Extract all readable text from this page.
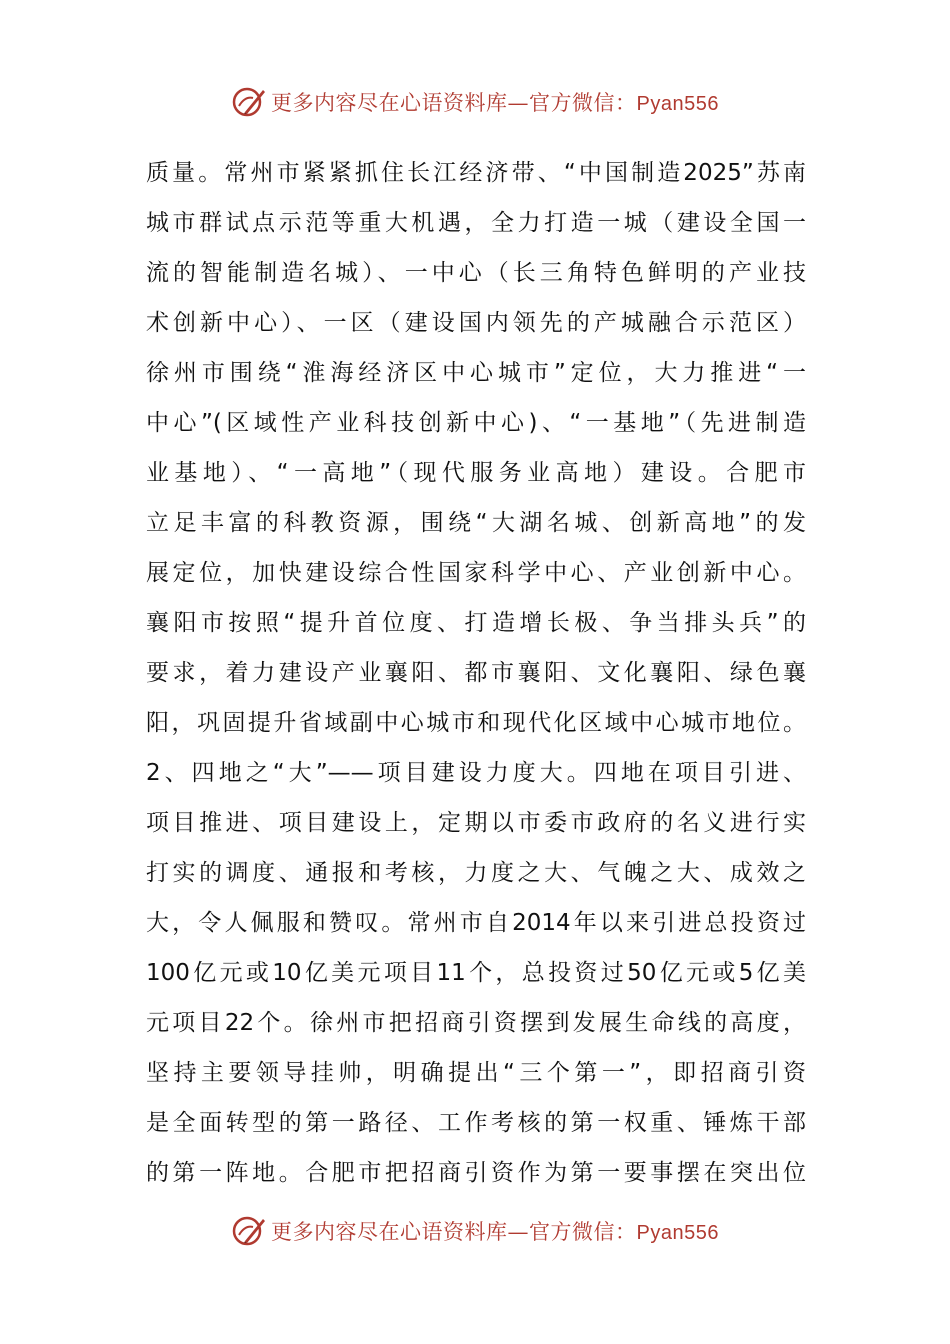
更多内容尽在心语资料库—官方微信：Pyan556
质量。常州市紧紧抓住长江经济带、“中国制造2025”苏南
城市群试点示范等重大机遇，全力打造一城（建设全国一
流的智能制造名城）、一中心（长三角特色鲜明的产业技
术创新中心）、一区（建设国内领先的产城融合示范区）
徐州市围绕“淮海经济区中心城市”定位，大力推进“一
中心”(区域性产业科技创新中心)、“一基地”（先进制造
业基地）、“一高地”（现代服务业高地）建设。合肥市
立足丰富的科教资源，围绕“大湖名城、创新高地”的发
展定位，加快建设综合性国家科学中心、产业创新中心。
襄阳市按照“提升首位度、打造增长极、争当排头兵”的
要求，着力建设产业襄阳、都市襄阳、文化襄阳、绿色襄
阳，巩固提升省域副中心城市和现代化区域中心城市地位。
2、四地之“大”——项目建设力度大。四地在项目引进、
项目推进、项目建设上，定期以市委市政府的名义进行实
打实的调度、通报和考核，力度之大、气魄之大、成效之
大，令人佩服和赞叹。常州市自2014年以来引进总投资过
100亿元或10亿美元项目11个，总投资过50亿元或5亿美
元项目22个。徐州市把招商引资摆到发展生命线的高度，
坚持主要领导挂帅，明确提出“三个第一”，即招商引资
是全面转型的第一路径、工作考核的第一权重、锤炼干部
的第一阵地。合肥市把招商引资作为第一要事摆在突出位
更多内容尽在心语资料库—官方微信：Pyan556
